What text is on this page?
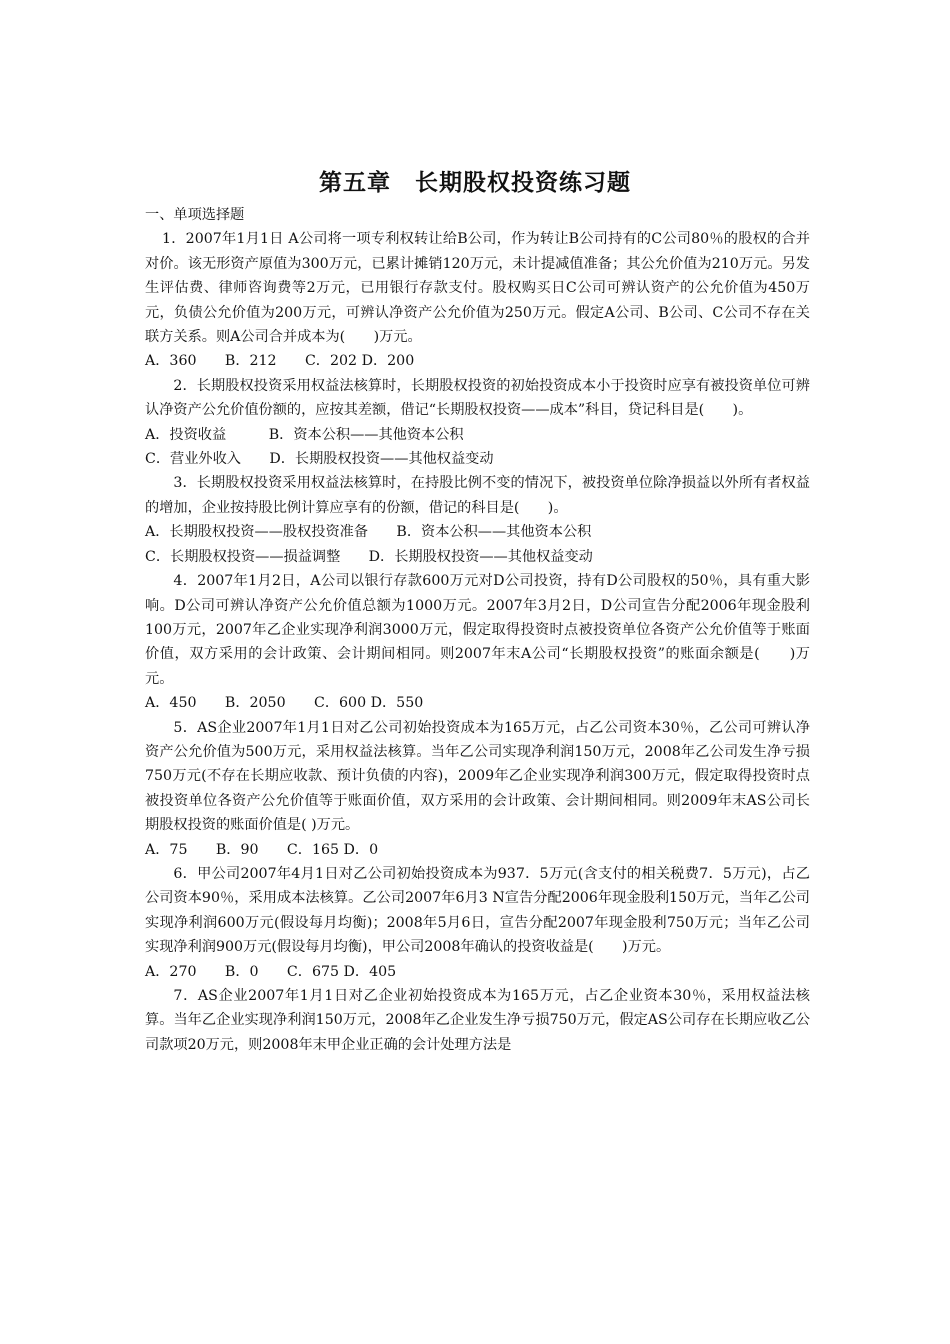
第五章　长期股权投资练习题

一、单项选择题

1．2007年1月1日 A公司将一项专利权转让给B公司，作为转让B公司持有的C公司80％的股权的合并对价。该无形资产原值为300万元，已累计摊销120万元，未计提减值准备；其公允价值为210万元。另发生评估费、律师咨询费等2万元，已用银行存款支付。股权购买日C公司可辨认资产的公允价值为450万元，负债公允价值为200万元，可辨认净资产公允价值为250万元。假定A公司、B公司、C公司不存在关联方关系。则A公司合并成本为(　　)万元。

A．360　　B．212　　C．202 D．200

2．长期股权投资采用权益法核算时，长期股权投资的初始投资成本小于投资时应享有被投资单位可辨认净资产公允价值份额的，应按其差额，借记“长期股权投资——成本”科目，贷记科目是(　　)。

A．投资收益　　　B．资本公积——其他资本公积

C．营业外收入　　D．长期股权投资——其他权益变动

3．长期股权投资采用权益法核算时，在持股比例不变的情况下，被投资单位除净损益以外所有者权益的增加，企业按持股比例计算应享有的份额，借记的科目是(　　)。

A．长期股权投资——股权投资准备　　B．资本公积——其他资本公积

C．长期股权投资——损益调整　　D．长期股权投资——其他权益变动

4．2007年1月2日，A公司以银行存款600万元对D公司投资，持有D公司股权的50％，具有重大影响。D公司可辨认净资产公允价值总额为1000万元。2007年3月2日，D公司宣告分配2006年现金股利100万元，2007年乙企业实现净利润3000万元，假定取得投资时点被投资单位各资产公允价值等于账面价值，双方采用的会计政策、会计期间相同。则2007年末A公司“长期股权投资”的账面余额是(　　)万元。

A．450　　B．2050　　C．600 D．550

5．AS企业2007年1月1日对乙公司初始投资成本为165万元，占乙公司资本30％，乙公司可辨认净资产公允价值为500万元，采用权益法核算。当年乙公司实现净利润150万元，2008年乙公司发生净亏损750万元(不存在长期应收款、预计负债的内容)，2009年乙企业实现净利润300万元，假定取得投资时点被投资单位各资产公允价值等于账面价值，双方采用的会计政策、会计期间相同。则2009年末AS公司长期股权投资的账面价值是( )万元。

A．75　　B．90　　C．165 D．0

6．甲公司2007年4月1日对乙公司初始投资成本为937．5万元(含支付的相关税费7．5万元)，占乙公司资本90％，采用成本法核算。乙公司2007年6月3 N宣告分配2006年现金股利150万元，当年乙公司实现净利润600万元(假设每月均衡)；2008年5月6日，宣告分配2007年现金股利750万元；当年乙公司实现净利润900万元(假设每月均衡)，甲公司2008年确认的投资收益是(　　)万元。

A．270　　B．0　　C．675 D．405

7．AS企业2007年1月1日对乙企业初始投资成本为165万元，占乙企业资本30％，采用权益法核算。当年乙企业实现净利润150万元，2008年乙企业发生净亏损750万元，假定AS公司存在长期应收乙公司款项20万元，则2008年末甲企业正确的会计处理方法是
